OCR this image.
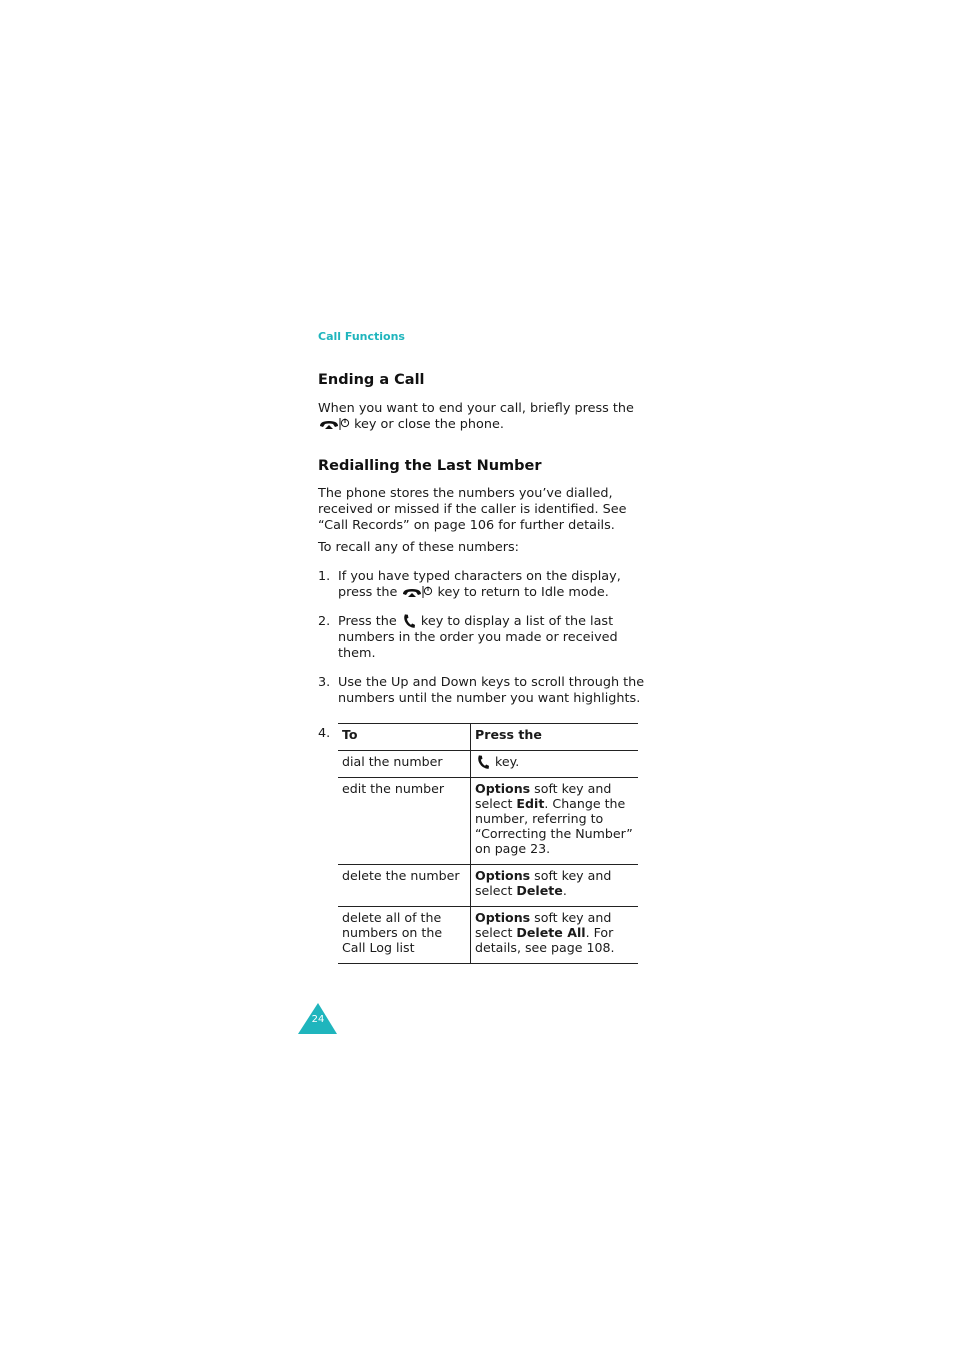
Call Functions
Ending a Call

When you want to end your call, briefly press the

key or close the phone.

Redialling the Last Number

The phone stores the numbers you’ve dialled,

received or missed if the caller is identified. See

“Call Records” on page 106 for further details.

To recall any of these numbers:
1. If you have typed characters on the display,
press the	key to return to Idle mode.
2. Press the key to display a list of the last
numbers in the order you made or received
them.
3. Use the Up and Down keys to scroll through the
numbers until the number you want highlights.
4. To	Press the
dial the number	key.
edit the number	Options soft key and select Edit. Change the number, referring to “Correcting the Number” on page 23.
delete the number	Options soft key and select Delete.
delete all of the numbers on the Call Log list	Options soft key and select Delete All. For details, see page 108.
24
